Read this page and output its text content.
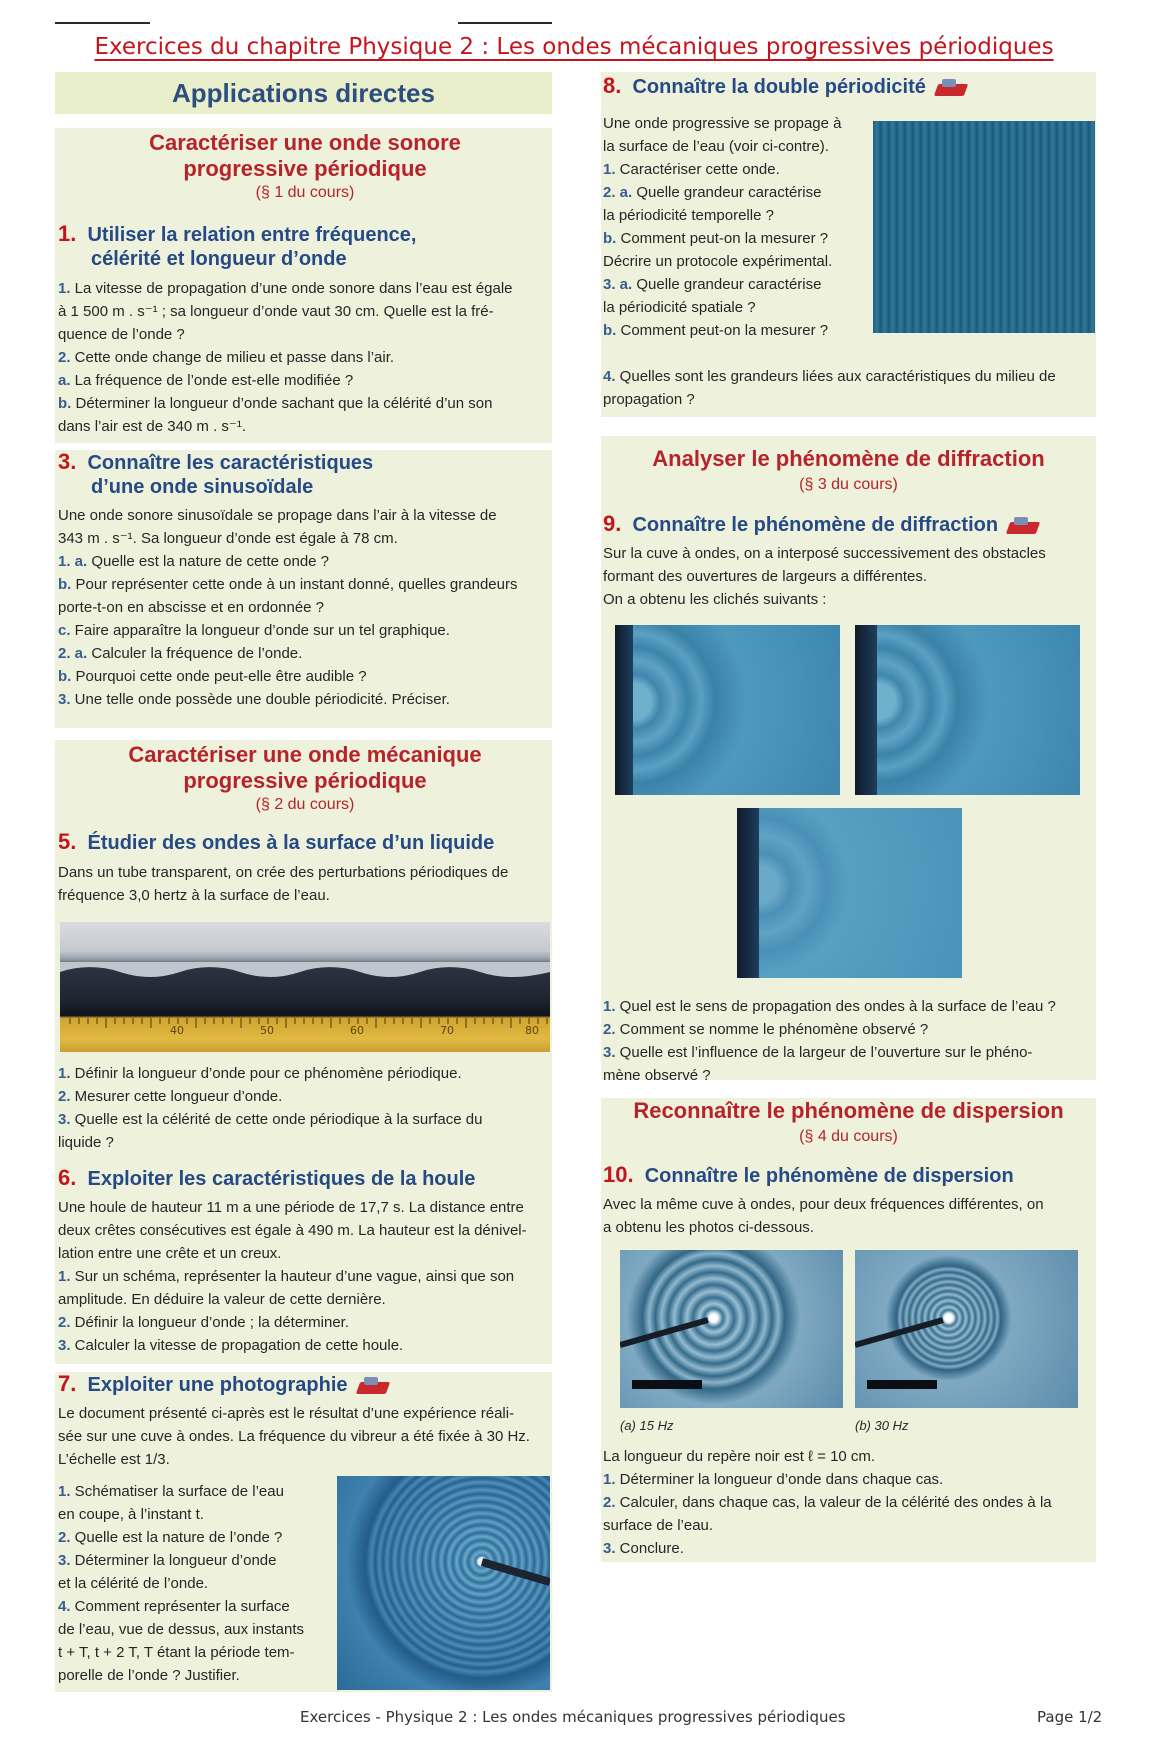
Exercices du chapitre Physique 2 : Les ondes mécaniques progressives périodiques
Applications directes
Caractériser une onde sonore
progressive périodique
(§ 1 du cours)
1. Utiliser la relation entre fréquence,
célérité et longueur d’onde
1. La vitesse de propagation d’une onde sonore dans l’eau est égale
à 1 500 m . s⁻¹ ; sa longueur d’onde vaut 30 cm. Quelle est la fré-
quence de l’onde ?
2. Cette onde change de milieu et passe dans l’air.
a. La fréquence de l’onde est-elle modifiée ?
b. Déterminer la longueur d’onde sachant que la célérité d’un son
dans l’air est de 340 m . s⁻¹.
3. Connaître les caractéristiques
d’une onde sinusoïdale
Une onde sonore sinusoïdale se propage dans l’air à la vitesse de
343 m . s⁻¹. Sa longueur d’onde est égale à 78 cm.
1. a. Quelle est la nature de cette onde ?
b. Pour représenter cette onde à un instant donné, quelles grandeurs
porte-t-on en abscisse et en ordonnée ?
c. Faire apparaître la longueur d’onde sur un tel graphique.
2. a. Calculer la fréquence de l’onde.
b. Pourquoi cette onde peut-elle être audible ?
3. Une telle onde possède une double périodicité. Préciser.
Caractériser une onde mécanique
progressive périodique
(§ 2 du cours)
5. Étudier des ondes à la surface d’un liquide
Dans un tube transparent, on crée des perturbations périodiques de
fréquence 3,0 hertz à la surface de l’eau.
40	50	60	70	80
1. Définir la longueur d’onde pour ce phénomène périodique.
2. Mesurer cette longueur d’onde.
3. Quelle est la célérité de cette onde périodique à la surface du
liquide ?
6. Exploiter les caractéristiques de la houle
Une houle de hauteur 11 m a une période de 17,7 s. La distance entre
deux crêtes consécutives est égale à 490 m. La hauteur est la dénivel-
lation entre une crête et un creux.
1. Sur un schéma, représenter la hauteur d’une vague, ainsi que son
amplitude. En déduire la valeur de cette dernière.
2. Définir la longueur d’onde ; la déterminer.
3. Calculer la vitesse de propagation de cette houle.
7. Exploiter une photographie
Le document présenté ci-après est le résultat d’une expérience réali-
sée sur une cuve à ondes. La fréquence du vibreur a été fixée à 30 Hz.
L’échelle est 1/3.
1. Schématiser la surface de l’eau
en coupe, à l’instant t.
2. Quelle est la nature de l’onde ?
3. Déterminer la longueur d’onde
et la célérité de l’onde.
4. Comment représenter la surface
de l’eau, vue de dessus, aux instants
t + T, t + 2 T, T étant la période tem-
porelle de l’onde ? Justifier.
8. Connaître la double périodicité
Une onde progressive se propage à
la surface de l’eau (voir ci-contre).
1. Caractériser cette onde.
2. a. Quelle grandeur caractérise
la périodicité temporelle ?
b. Comment peut-on la mesurer ?
Décrire un protocole expérimental.
3. a. Quelle grandeur caractérise
la périodicité spatiale ?
b. Comment peut-on la mesurer ?
4. Quelles sont les grandeurs liées aux caractéristiques du milieu de
propagation ?
Analyser le phénomène de diffraction
(§ 3 du cours)
9. Connaître le phénomène de diffraction
Sur la cuve à ondes, on a interposé successivement des obstacles
formant des ouvertures de largeurs a différentes.
On a obtenu les clichés suivants :
1. Quel est le sens de propagation des ondes à la surface de l’eau ?
2. Comment se nomme le phénomène observé ?
3. Quelle est l’influence de la largeur de l’ouverture sur le phéno-
mène observé ?
Reconnaître le phénomène de dispersion
(§ 4 du cours)
10. Connaître le phénomène de dispersion
Avec la même cuve à ondes, pour deux fréquences différentes, on
a obtenu les photos ci-dessous.
(a) 15 Hz	(b) 30 Hz
La longueur du repère noir est ℓ = 10 cm.
1. Déterminer la longueur d’onde dans chaque cas.
2. Calculer, dans chaque cas, la valeur de la célérité des ondes à la
surface de l’eau.
3. Conclure.
Exercices - Physique 2 : Les ondes mécaniques progressives périodiques	Page 1/2
